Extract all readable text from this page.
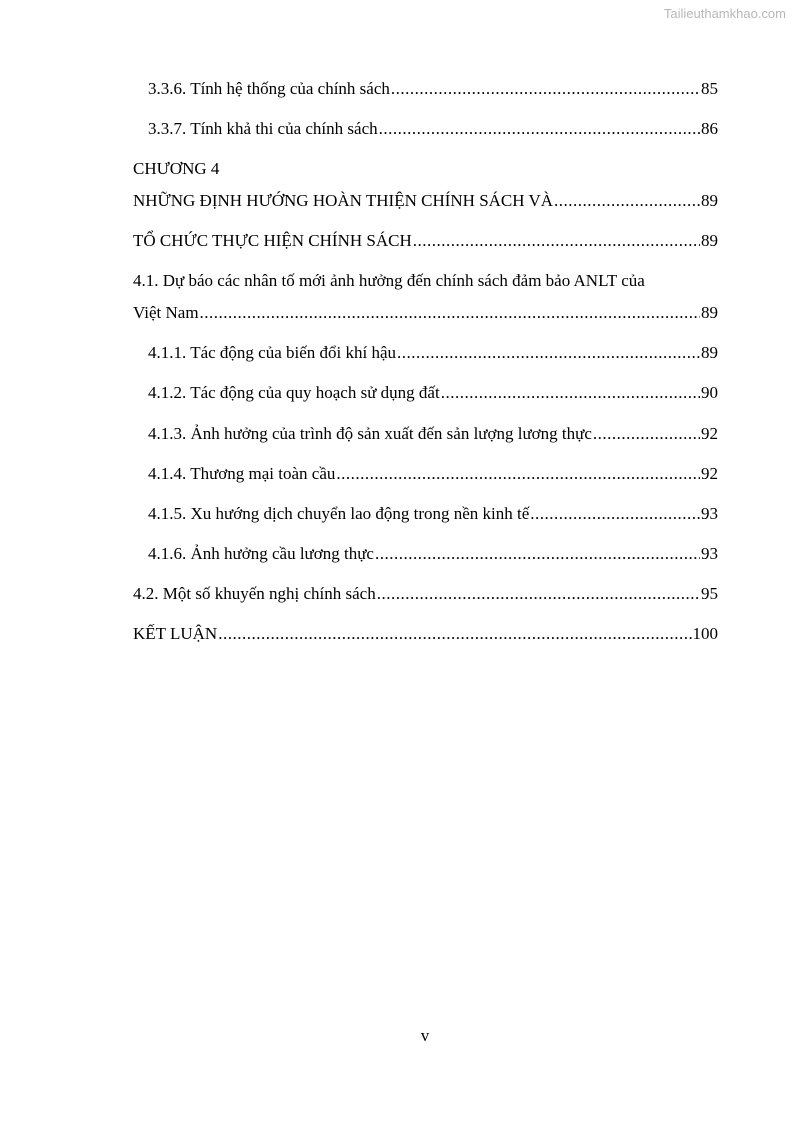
Tailieuthamkhao.com
3.3.6. Tính hệ thống của chính sách .....	85
3.3.7. Tính khả thi của chính sách .....	86
CHƯƠNG 4
NHỮNG ĐỊNH HƯỚNG HOÀN THIỆN CHÍNH SÁCH VÀ .....	89
TỔ CHỨC THỰC HIỆN CHÍNH SÁCH .....	89
4.1. Dự báo các nhân tố mới ảnh hưởng đến chính sách đảm bảo ANLT của
Việt Nam .....	89
4.1.1. Tác động của biến đổi khí hậu .....	89
4.1.2. Tác động của quy hoạch sử dụng đất .....	90
4.1.3. Ảnh hưởng của trình độ sản xuất đến sản lượng lương thực .....	92
4.1.4. Thương mại toàn cầu .....	92
4.1.5. Xu hướng dịch chuyển lao động trong nền kinh tế .....	93
4.1.6. Ảnh hưởng cầu lương thực .....	93
4.2. Một số khuyến nghị chính sách .....	95
KẾT LUẬN .....	100
v
